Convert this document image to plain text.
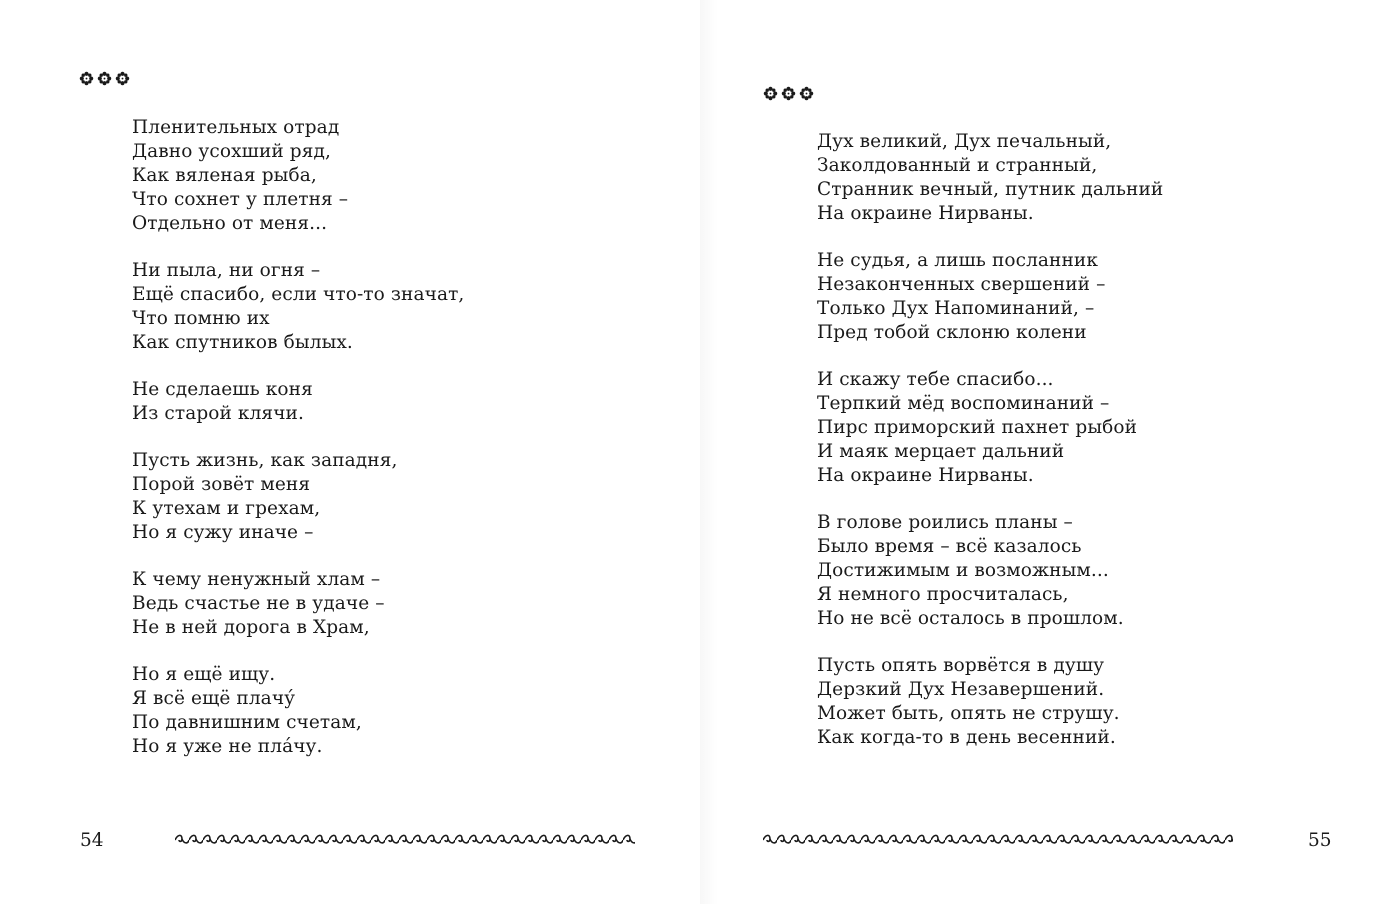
Пленительных отрад
Давно усохший ряд,
Как вяленая рыба,
Что сохнет у плетня –
Отдельно от меня...
Ни пыла, ни огня –
Ещё спасибо, если что-то значат,
Что помню их
Как спутников былых.
Не сделаешь коня
Из старой клячи.
Пусть жизнь, как западня,
Порой зовёт меня
К утехам и грехам,
Но я сужу иначе –
К чему ненужный хлам –
Ведь счастье не в удаче –
Не в ней дорога в Храм,
Но я ещё ищу.
Я всё ещё плачу́
По давнишним счетам,
Но я уже не пла́чу.
54
Дух великий, Дух печальный,
Заколдованный и странный,
Странник вечный, путник дальний
На окраине Нирваны.
Не судья, а лишь посланник
Незаконченных свершений –
Только Дух Напоминаний, –
Пред тобой склоню колени
И скажу тебе спасибо...
Терпкий мёд воспоминаний –
Пирс приморский пахнет рыбой
И маяк мерцает дальний
На окраине Нирваны.
В голове роились планы –
Было время – всё казалось
Достижимым и возможным...
Я немного просчиталась,
Но не всё осталось в прошлом.
Пусть опять ворвётся в душу
Дерзкий Дух Незавершений.
Может быть, опять не струшу.
Как когда-то в день весенний.
55
